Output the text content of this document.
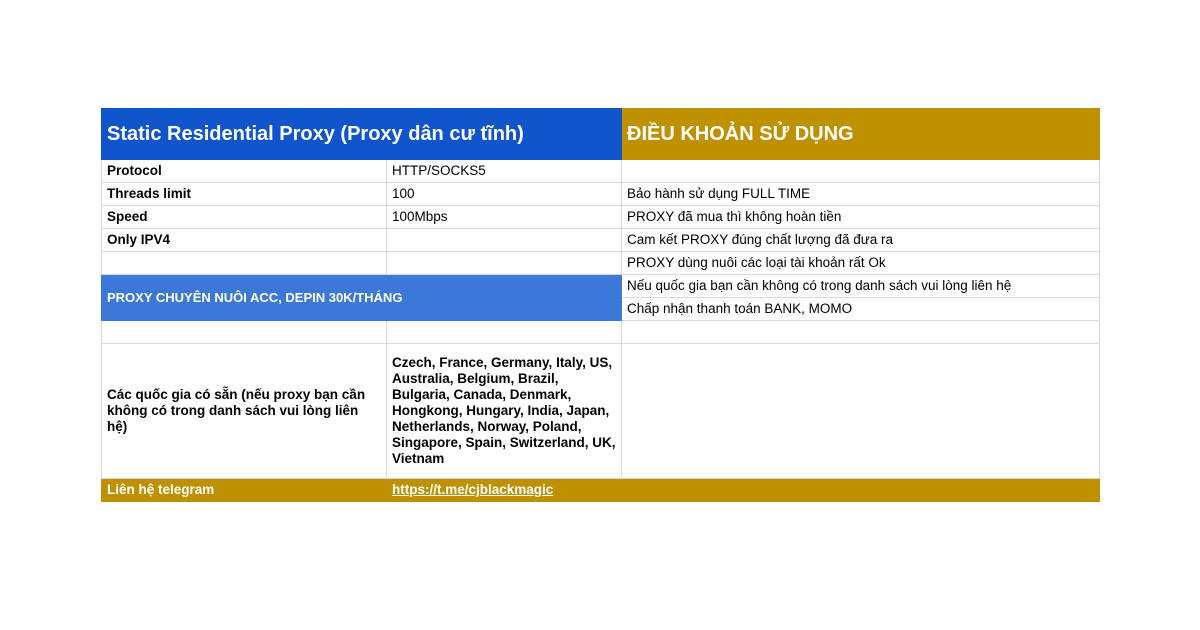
Static Residential Proxy (Proxy dân cư tĩnh)		ĐIỀU KHOẢN SỬ DỤNG
Protocol	HTTP/SOCKS5	
Threads limit	100	Bảo hành sử dụng FULL TIME
Speed	100Mbps	PROXY đã mua thì không hoàn tiền
Only IPV4		Cam kết PROXY đúng chất lượng đã đưa ra
		PROXY dùng nuôi các loại tài khoản rất Ok
PROXY CHUYÊN NUÔI ACC, DEPIN 30K/THÁNG		Nếu quốc gia bạn cần không có trong danh sách vui lòng liên hệ
		Chấp nhận thanh toán BANK, MOMO

Các quốc gia có sẵn (nếu proxy bạn cần không có trong danh sách vui lòng liên hệ)	Czech, France, Germany, Italy, US, Australia, Belgium, Brazil, Bulgaria, Canada, Denmark, Hongkong, Hungary, India, Japan, Netherlands, Norway, Poland, Singapore, Spain, Switzerland, UK, Vietnam	
Liên hệ telegram	https://t.me/cjblackmagic	
